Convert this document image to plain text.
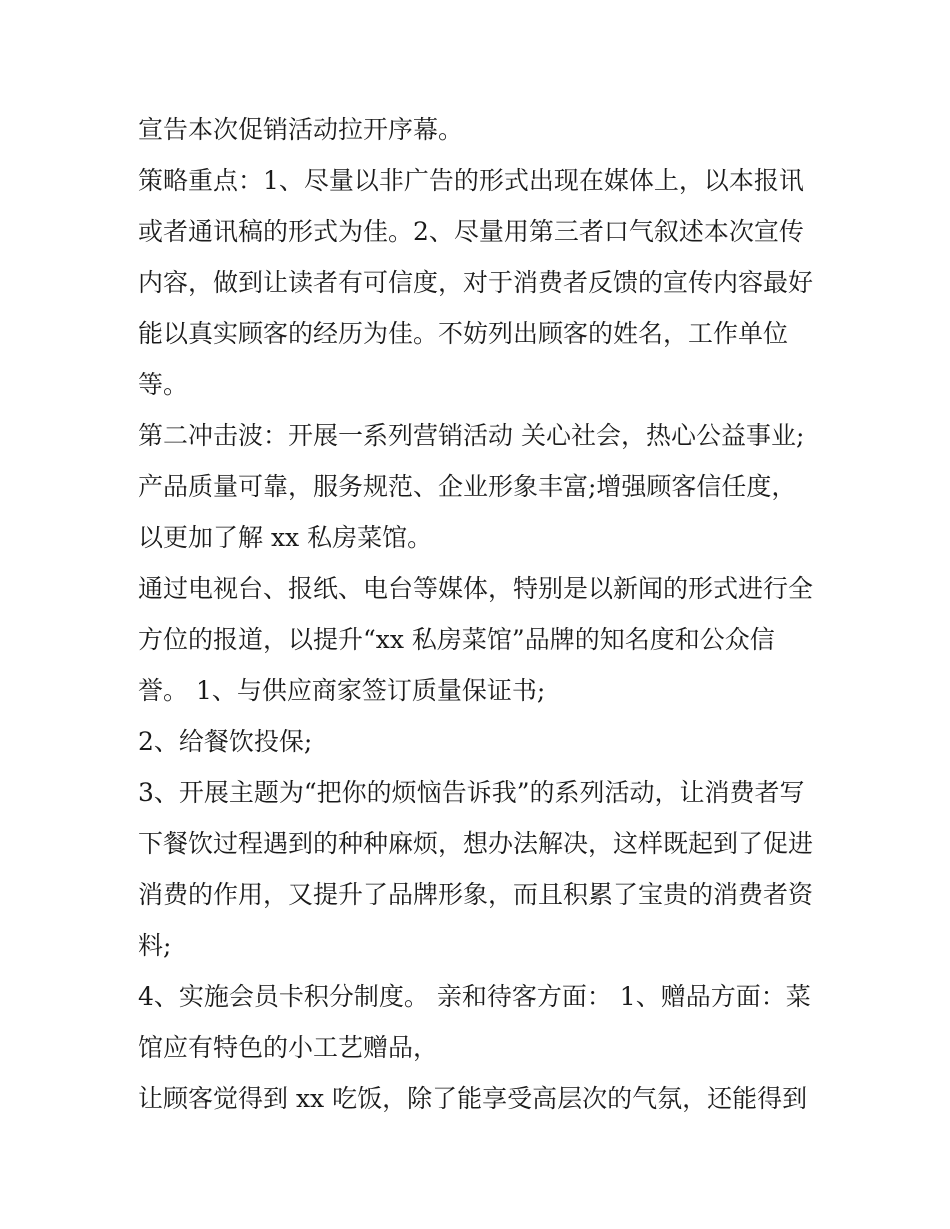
宣告本次促销活动拉开序幕。

策略重点：1、尽量以非广告的形式出现在媒体上，以本报讯

或者通讯稿的形式为佳。2、尽量用第三者口气叙述本次宣传

内容，做到让读者有可信度，对于消费者反馈的宣传内容最好

能以真实顾客的经历为佳。不妨列出顾客的姓名，工作单位

等。

第二冲击波：开展一系列营销活动 关心社会，热心公益事业;

产品质量可靠，服务规范、企业形象丰富;增强顾客信任度，

以更加了解 xx 私房菜馆。

通过电视台、报纸、电台等媒体，特别是以新闻的形式进行全

方位的报道，以提升“xx 私房菜馆”品牌的知名度和公众信

誉。 1、与供应商家签订质量保证书;

2、给餐饮投保;

3、开展主题为“把你的烦恼告诉我”的系列活动，让消费者写

下餐饮过程遇到的种种麻烦，想办法解决，这样既起到了促进

消费的作用，又提升了品牌形象，而且积累了宝贵的消费者资

料;

4、实施会员卡积分制度。 亲和待客方面： 1、赠品方面：菜

馆应有特色的小工艺赠品，

让顾客觉得到 xx 吃饭，除了能享受高层次的气氛，还能得到
